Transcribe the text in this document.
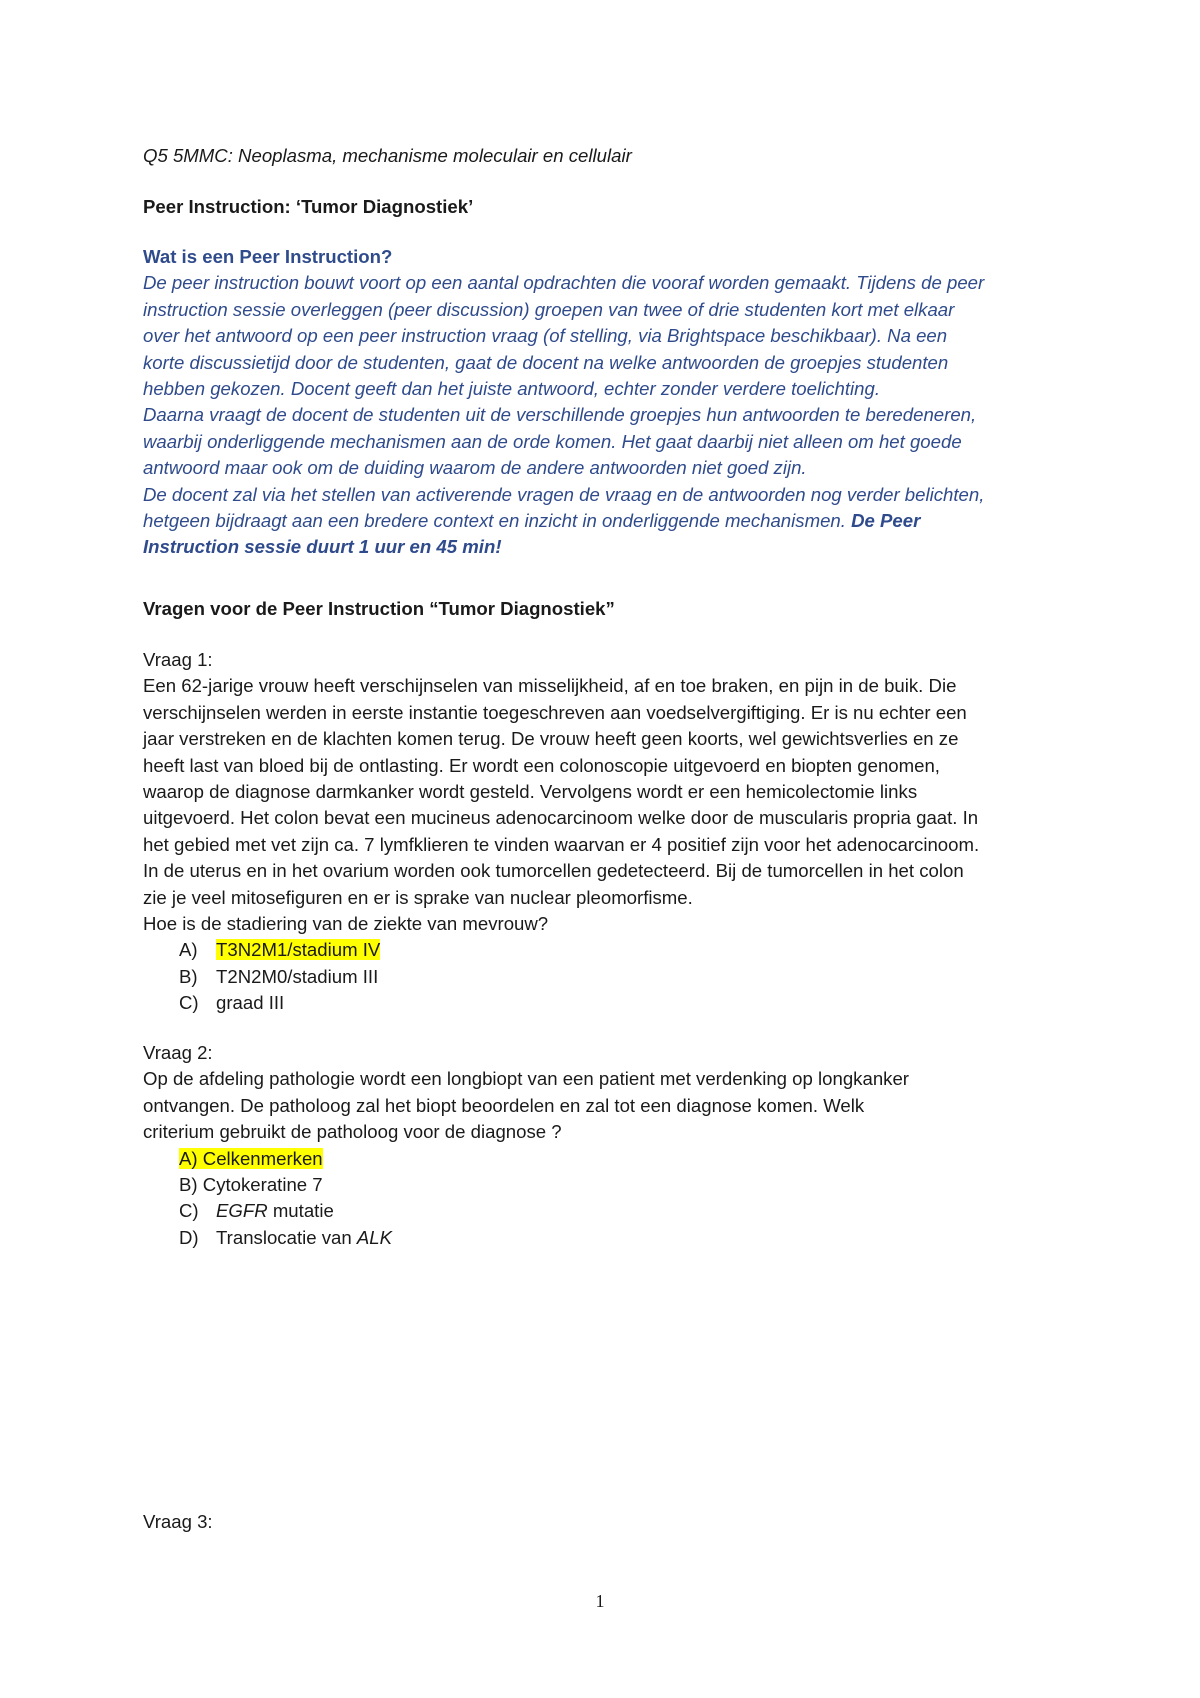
Q5 5MMC: Neoplasma, mechanisme moleculair en cellulair
Peer Instruction: ‘Tumor Diagnostiek’
Wat is een Peer Instruction?
De peer instruction bouwt voort op een aantal opdrachten die vooraf worden gemaakt. Tijdens de peer
instruction sessie overleggen (peer discussion) groepen van twee of drie studenten kort met elkaar
over het antwoord op een peer instruction vraag (of stelling, via Brightspace beschikbaar). Na een
korte discussietijd door de studenten, gaat de docent na welke antwoorden de groepjes studenten
hebben gekozen. Docent geeft dan het juiste antwoord, echter zonder verdere toelichting.
Daarna vraagt de docent de studenten uit de verschillende groepjes hun antwoorden te beredeneren,
waarbij onderliggende mechanismen aan de orde komen. Het gaat daarbij niet alleen om het goede
antwoord maar ook om de duiding waarom de andere antwoorden niet goed zijn.
De docent zal via het stellen van activerende vragen de vraag en de antwoorden nog verder belichten,
hetgeen bijdraagt aan een bredere context en inzicht in onderliggende mechanismen. De Peer
Instruction sessie duurt 1 uur en 45 min!
Vragen voor de Peer Instruction “Tumor Diagnostiek”
Vraag 1:
Een 62-jarige vrouw heeft verschijnselen van misselijkheid, af en toe braken, en pijn in de buik. Die
verschijnselen werden in eerste instantie toegeschreven aan voedselvergiftiging. Er is nu echter een
jaar verstreken en de klachten komen terug. De vrouw heeft geen koorts, wel gewichtsverlies en ze
heeft last van bloed bij de ontlasting. Er wordt een colonoscopie uitgevoerd en biopten genomen,
waarop de diagnose darmkanker wordt gesteld. Vervolgens wordt er een hemicolectomie links
uitgevoerd. Het colon bevat een mucineus adenocarcinoom welke door de muscularis propria gaat. In
het gebied met vet zijn ca. 7 lymfklieren te vinden waarvan er 4 positief zijn voor het adenocarcinoom.
In de uterus en in het ovarium worden ook tumorcellen gedetecteerd. Bij de tumorcellen in het colon
zie je veel mitosefiguren en er is sprake van nuclear pleomorfisme.
Hoe is de stadiering van de ziekte van mevrouw?
A) T3N2M1/stadium IV
B) T2N2M0/stadium III
C) graad III
Vraag 2:
Op de afdeling pathologie wordt een longbiopt van een patient met verdenking op longkanker
ontvangen. De patholoog zal het biopt beoordelen en zal tot een diagnose komen. Welk
criterium gebruikt de patholoog voor de diagnose ?
A) Celkenmerken
B) Cytokeratine 7
C) EGFR mutatie
D) Translocatie van ALK
Vraag 3:
1
